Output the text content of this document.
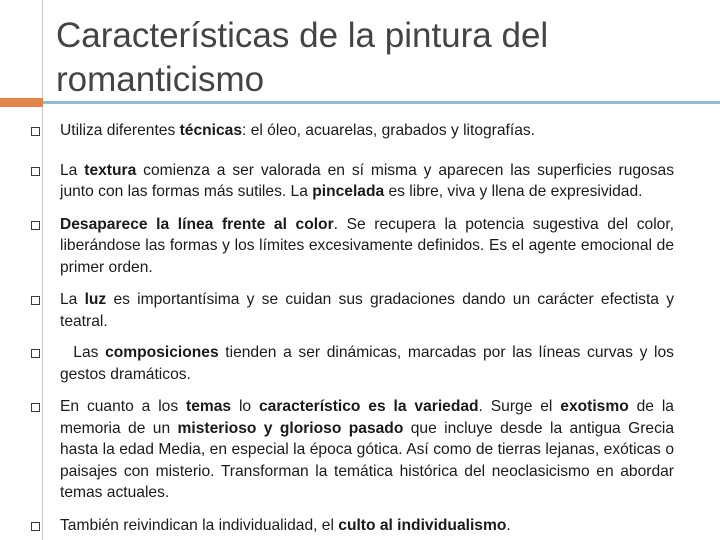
Características de la pintura del
romanticismo

Utiliza diferentes técnicas: el óleo, acuarelas, grabados y litografías.

La textura comienza a ser valorada en sí misma y aparecen las superficies rugosas junto con las formas más sutiles. La pincelada es libre, viva y llena de expresividad.

Desaparece la línea frente al color. Se recupera la potencia sugestiva del color, liberándose las formas y los límites excesivamente definidos. Es el agente emocional de primer orden.

La luz es importantísima y se cuidan sus gradaciones dando un carácter efectista y teatral.

Las composiciones tienden a ser dinámicas, marcadas por las líneas curvas y los gestos dramáticos.

En cuanto a los temas lo característico es la variedad. Surge el exotismo de la memoria de un misterioso y glorioso pasado que incluye desde la antigua Grecia hasta la edad Media, en especial la época gótica. Así como de tierras lejanas, exóticas o paisajes con misterio. Transforman la temática histórica del neoclasicismo en abordar temas actuales.

También reivindican la individualidad, el culto al individualismo.
